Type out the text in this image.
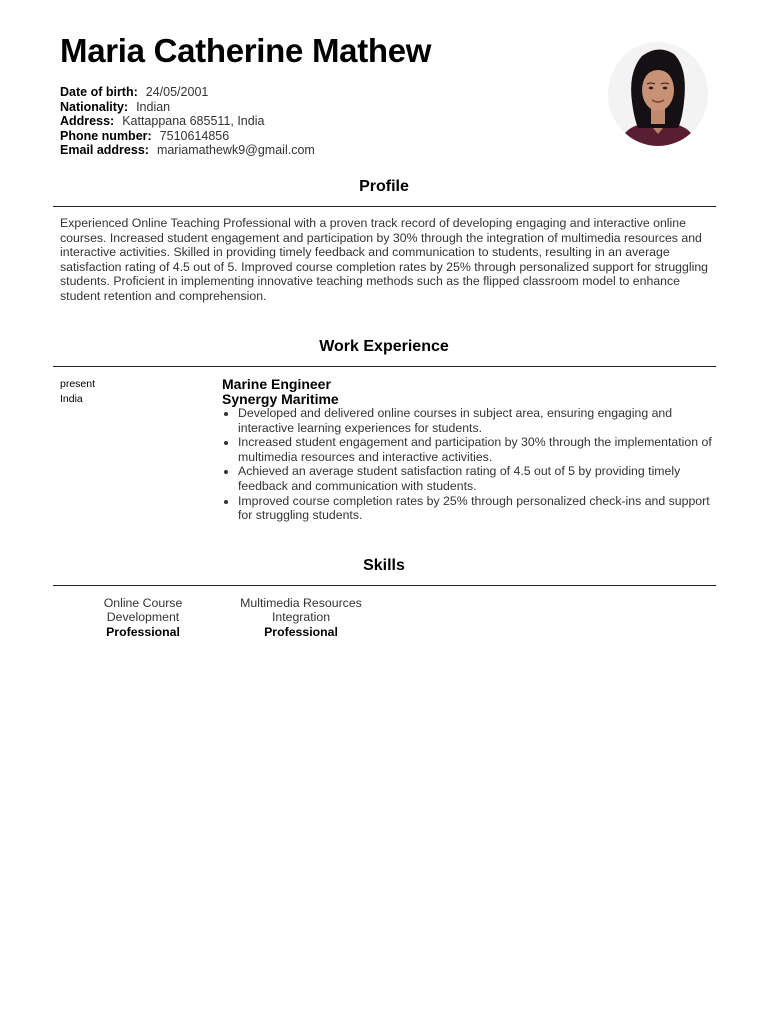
Maria Catherine Mathew
Date of birth: 24/05/2001
Nationality: Indian
Address: Kattappana 685511, India
Phone number: 7510614856
Email address: mariamathewk9@gmail.com
Profile

Experienced Online Teaching Professional with a proven track record of developing engaging and interactive online courses. Increased student engagement and participation by 30% through the integration of multimedia resources and interactive activities. Skilled in providing timely feedback and communication to students, resulting in an average satisfaction rating of 4.5 out of 5. Improved course completion rates by 25% through personalized support for struggling students. Proficient in implementing innovative teaching methods such as the flipped classroom model to enhance student retention and comprehension.

Work Experience
present
India
Marine Engineer
Synergy Maritime
• Developed and delivered online courses in subject area, ensuring engaging and interactive learning experiences for students.
• Increased student engagement and participation by 30% through the implementation of multimedia resources and interactive activities.
• Achieved an average student satisfaction rating of 4.5 out of 5 by providing timely feedback and communication with students.
• Improved course completion rates by 25% through personalized check-ins and support for struggling students.
Skills
Online Course Development
Professional
Multimedia Resources Integration
Professional
